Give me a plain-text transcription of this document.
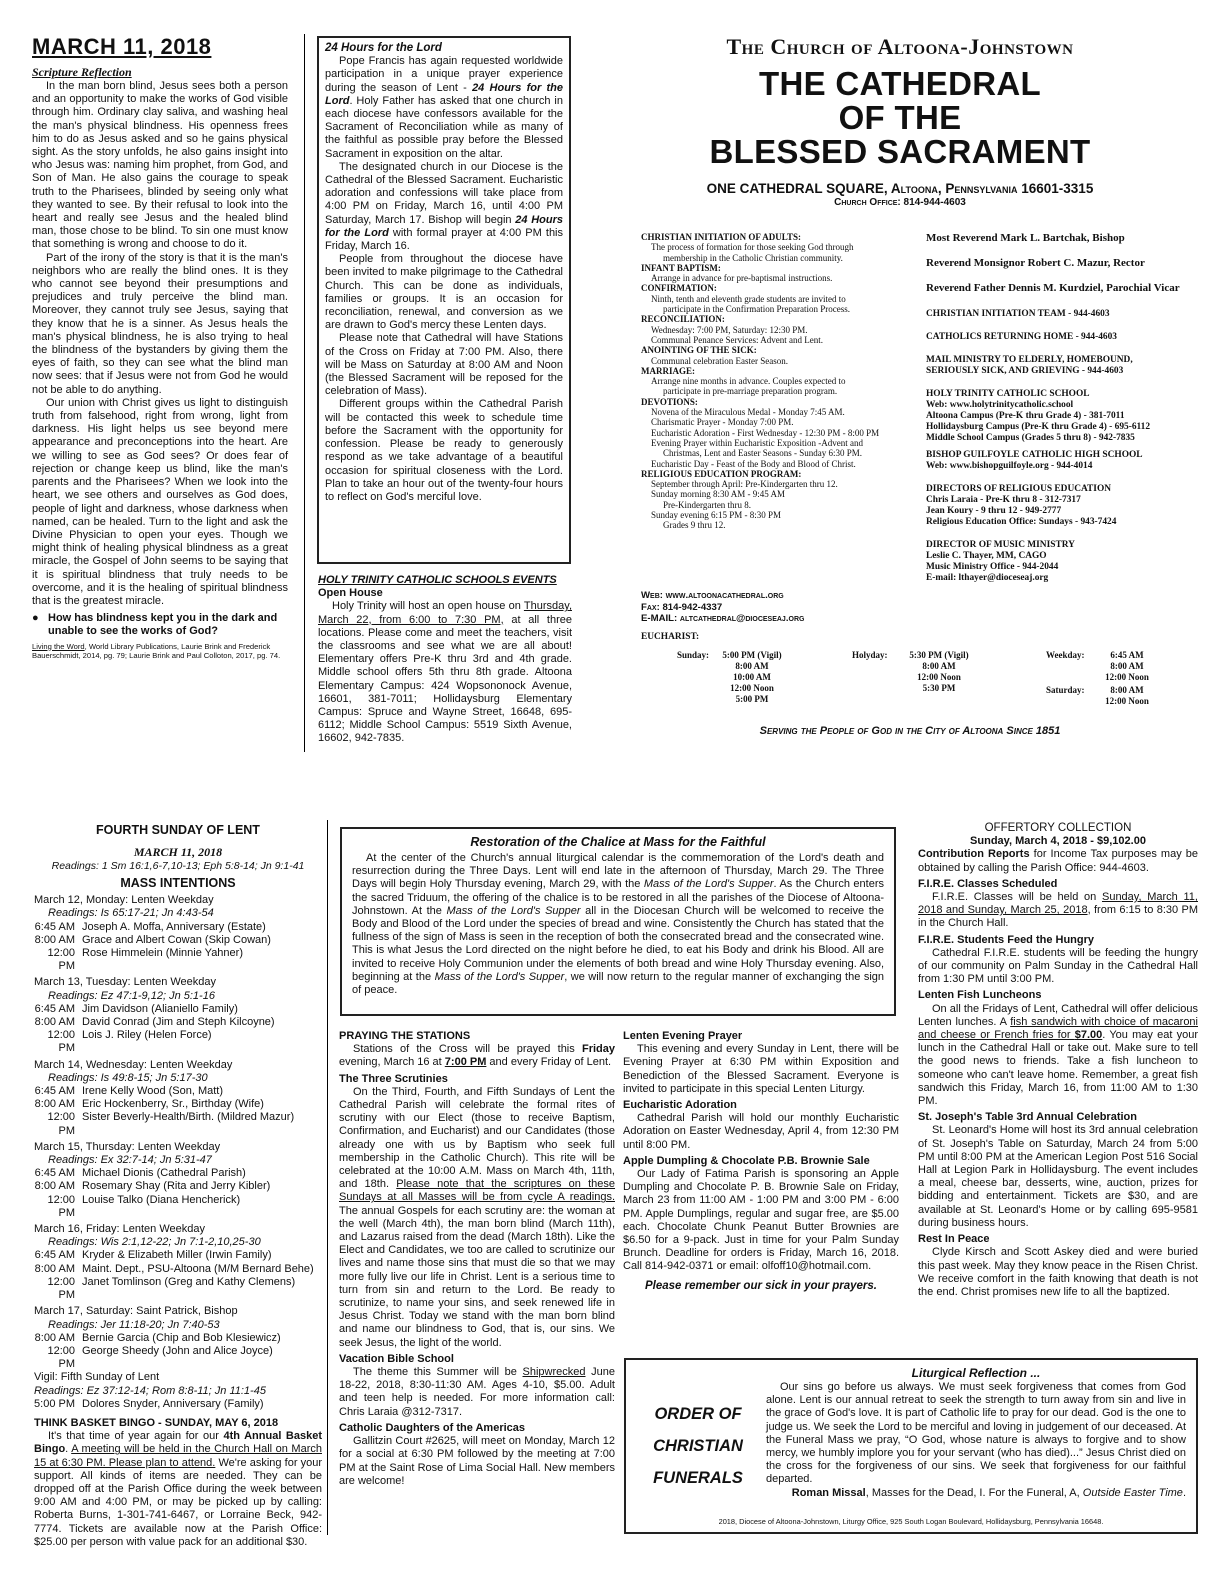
MARCH 11, 2018
Scripture Reflection

In the man born blind, Jesus sees both a person and an opportunity to make the works of God visible through him. Ordinary clay saliva, and washing heal the man's physical blindness. His openness frees him to do as Jesus asked and so he gains physical sight. As the story unfolds, he also gains insight into who Jesus was: naming him prophet, from God, and Son of Man. He also gains the courage to speak truth to the Pharisees, blinded by seeing only what they wanted to see. By their refusal to look into the heart and really see Jesus and the healed blind man, those chose to be blind. To sin one must know that something is wrong and choose to do it.

Part of the irony of the story is that it is the man's neighbors who are really the blind ones. It is they who cannot see beyond their presumptions and prejudices and truly perceive the blind man. Moreover, they cannot truly see Jesus, saying that they know that he is a sinner. As Jesus heals the man's physical blindness, he is also trying to heal the blindness of the bystanders by giving them the eyes of faith, so they can see what the blind man now sees: that if Jesus were not from God he would not be able to do anything.

Our union with Christ gives us light to distinguish truth from falsehood, right from wrong, light from darkness. His light helps us see beyond mere appearance and preconceptions into the heart. Are we willing to see as God sees? Or does fear of rejection or change keep us blind, like the man's parents and the Pharisees? When we look into the heart, we see others and ourselves as God does, people of light and darkness, whose darkness when named, can be healed. Turn to the light and ask the Divine Physician to open your eyes. Though we might think of healing physical blindness as a great miracle, the Gospel of John seems to be saying that it is spiritual blindness that truly needs to be overcome, and it is the healing of spiritual blindness that is the greatest miracle.

● How has blindness kept you in the dark and unable to see the works of God?
Living the Word, World Library Publications, Laurie Brink and Frederick Bauerschmidt, 2014, pg. 79; Laurie Brink and Paul Colloton, 2017, pg. 74.
24 Hours for the Lord

Pope Francis has again requested worldwide participation in a unique prayer experience during the season of Lent - 24 Hours for the Lord. Holy Father has asked that one church in each diocese have confessors available for the Sacrament of Reconciliation while as many of the faithful as possible pray before the Blessed Sacrament in exposition on the altar.

The designated church in our Diocese is the Cathedral of the Blessed Sacrament. Eucharistic adoration and confessions will take place from 4:00 PM on Friday, March 16, until 4:00 PM Saturday, March 17. Bishop will begin 24 Hours for the Lord with formal prayer at 4:00 PM this Friday, March 16.

People from throughout the diocese have been invited to make pilgrimage to the Cathedral Church. This can be done as individuals, families or groups. It is an occasion for reconciliation, renewal, and conversion as we are drawn to God's mercy these Lenten days.

Please note that Cathedral will have Stations of the Cross on Friday at 7:00 PM. Also, there will be Mass on Saturday at 8:00 AM and Noon (the Blessed Sacrament will be reposed for the celebration of Mass).

Different groups within the Cathedral Parish will be contacted this week to schedule time before the Sacrament with the opportunity for confession. Please be ready to generously respond as we take advantage of a beautiful occasion for spiritual closeness with the Lord. Plan to take an hour out of the twenty-four hours to reflect on God's merciful love.

HOLY TRINITY CATHOLIC SCHOOLS EVENTS
Open House

Holy Trinity will host an open house on Thursday, March 22, from 6:00 to 7:30 PM, at all three locations. Please come and meet the teachers, visit the classrooms and see what we are all about! Elementary offers Pre-K thru 3rd and 4th grade. Middle school offers 5th thru 8th grade. Altoona Elementary Campus: 424 Wopsononock Avenue, 16601, 381-7011; Hollidaysburg Elementary Campus: Spruce and Wayne Street, 16648, 695-6112; Middle School Campus: 5519 Sixth Avenue, 16602, 942-7835.

The Church of Altoona-Johnstown
THE CATHEDRAL
OF THE
BLESSED SACRAMENT
ONE CATHEDRAL SQUARE, Altoona, Pennsylvania 16601-3315
Church Office: 814-944-4603
CHRISTIAN INITIATION OF ADULTS:
The process of formation for those seeking God through
membership in the Catholic Christian community.
INFANT BAPTISM:
Arrange in advance for pre-baptismal instructions.
CONFIRMATION:
Ninth, tenth and eleventh grade students are invited to
participate in the Confirmation Preparation Process.
RECONCILIATION:
Wednesday: 7:00 PM, Saturday: 12:30 PM.
Communal Penance Services: Advent and Lent.
ANOINTING OF THE SICK:
Communal celebration Easter Season.
MARRIAGE:
Arrange nine months in advance. Couples expected to
participate in pre-marriage preparation program.
DEVOTIONS:
Novena of the Miraculous Medal - Monday 7:45 AM.
Charismatic Prayer - Monday 7:00 PM.
Eucharistic Adoration - First Wednesday - 12:30 PM - 8:00 PM
Evening Prayer within Eucharistic Exposition -Advent and
Christmas, Lent and Easter Seasons - Sunday 6:30 PM.
Eucharistic Day - Feast of the Body and Blood of Christ.
RELIGIOUS EDUCATION PROGRAM:
September through April: Pre-Kindergarten thru 12.
Sunday morning 8:30 AM - 9:45 AM
Pre-Kindergarten thru 8.
Sunday evening 6:15 PM - 8:30 PM
Grades 9 thru 12.
Web: www.altoonacathedral.org
Fax: 814-942-4337
E-MAIL: altcathedral@dioceseaj.org
Most Reverend Mark L. Bartchak, Bishop
Reverend Monsignor Robert C. Mazur, Rector
Reverend Father Dennis M. Kurdziel, Parochial Vicar
CHRISTIAN INITIATION TEAM - 944-4603
CATHOLICS RETURNING HOME - 944-4603
MAIL MINISTRY TO ELDERLY, HOMEBOUND,
SERIOUSLY SICK, AND GRIEVING - 944-4603
HOLY TRINITY CATHOLIC SCHOOL
Web: www.holytrinitycatholic.school
Altoona Campus (Pre-K thru Grade 4) - 381-7011
Hollidaysburg Campus (Pre-K thru Grade 4) - 695-6112
Middle School Campus (Grades 5 thru 8) - 942-7835
BISHOP GUILFOYLE CATHOLIC HIGH SCHOOL
Web: www.bishopguilfoyle.org - 944-4014
DIRECTORS OF RELIGIOUS EDUCATION
Chris Laraia - Pre-K thru 8 - 312-7317
Jean Koury - 9 thru 12 - 949-2777
Religious Education Office: Sundays - 943-7424
DIRECTOR OF MUSIC MINISTRY
Leslie C. Thayer, MM, CAGO
Music Ministry Office - 944-2044
E-mail: lthayer@dioceseaj.org
EUCHARIST:
Sunday:	5:00 PM (Vigil)
8:00 AM
10:00 AM
12:00 Noon
5:00 PM
Holyday:	5:30 PM (Vigil)
8:00 AM
12:00 Noon
5:30 PM
Weekday:	6:45 AM
8:00 AM
12:00 Noon
Saturday:	8:00 AM
12:00 Noon
Serving the People of God in the City of Altoona Since 1851
FOURTH SUNDAY OF LENT
MARCH 11, 2018
Readings: 1 Sm 16:1,6-7,10-13; Eph 5:8-14; Jn 9:1-41
MASS INTENTIONS
March 12, Monday: Lenten Weekday
Readings: Is 65:17-21; Jn 4:43-54
6:45 AM Joseph A. Moffa, Anniversary (Estate)
8:00 AM Grace and Albert Cowan (Skip Cowan)
12:00 PM
Rose Himmelein (Minnie Yahner)
March 13, Tuesday: Lenten Weekday
Readings: Ez 47:1-9,12; Jn 5:1-16
6:45 AM Jim Davidson (Alianiello Family)
8:00 AM David Conrad (Jim and Steph Kilcoyne)
12:00 PM
Lois J. Riley (Helen Force)
March 14, Wednesday: Lenten Weekday
Readings: Is 49:8-15; Jn 5:17-30
6:45 AM Irene Kelly Wood (Son, Matt)
8:00 AM Eric Hockenberry, Sr., Birthday (Wife)
12:00 PM
Sister Beverly-Health/Birth. (Mildred Mazur)
March 15, Thursday: Lenten Weekday
Readings: Ex 32:7-14; Jn 5:31-47
6:45 AM Michael Dionis (Cathedral Parish)
8:00 AM Rosemary Shay (Rita and Jerry Kibler)
12:00 PM
Louise Talko (Diana Hencherick)
March 16, Friday: Lenten Weekday
Readings: Wis 2:1,12-22; Jn 7:1-2,10,25-30
6:45 AM Kryder & Elizabeth Miller (Irwin Family)
8:00 AM Maint. Dept., PSU-Altoona (M/M Bernard Behe)
12:00 PM
Janet Tomlinson (Greg and Kathy Clemens)
March 17, Saturday: Saint Patrick, Bishop
Readings: Jer 11:18-20; Jn 7:40-53
8:00 AM Bernie Garcia (Chip and Bob Klesiewicz)
12:00 PM
George Sheedy (John and Alice Joyce)
Vigil: Fifth Sunday of Lent
Readings: Ez 37:12-14; Rom 8:8-11; Jn 11:1-45
5:00 PM Dolores Snyder, Anniversary (Family)
THINK BASKET BINGO - SUNDAY, MAY 6, 2018

It's that time of year again for our 4th Annual Basket Bingo. A meeting will be held in the Church Hall on March 15 at 6:30 PM. Please plan to attend. We're asking for your support. All kinds of items are needed. They can be dropped off at the Parish Office during the week between 9:00 AM and 4:00 PM, or may be picked up by calling: Roberta Burns, 1-301-741-6467, or Lorraine Beck, 942-7774. Tickets are available now at the Parish Office: $25.00 per person with value pack for an additional $30.

Restoration of the Chalice at Mass for the Faithful

At the center of the Church's annual liturgical calendar is the commemoration of the Lord's death and resurrection during the Three Days. Lent will end late in the afternoon of Thursday, March 29. The Three Days will begin Holy Thursday evening, March 29, with the Mass of the Lord's Supper. As the Church enters the sacred Triduum, the offering of the chalice is to be restored in all the parishes of the Diocese of Altoona-Johnstown. At the Mass of the Lord's Supper all in the Diocesan Church will be welcomed to receive the Body and Blood of the Lord under the species of bread and wine. Consistently the Church has stated that the fullness of the sign of Mass is seen in the reception of both the consecrated bread and the consecrated wine. This is what Jesus the Lord directed on the night before he died, to eat his Body and drink his Blood. All are invited to receive Holy Communion under the elements of both bread and wine Holy Thursday evening. Also, beginning at the Mass of the Lord's Supper, we will now return to the regular manner of exchanging the sign of peace.

PRAYING THE STATIONS

Stations of the Cross will be prayed this Friday evening, March 16 at 7:00 PM and every Friday of Lent.

The Three Scrutinies

On the Third, Fourth, and Fifth Sundays of Lent the Cathedral Parish will celebrate the formal rites of scrutiny with our Elect (those to receive Baptism, Confirmation, and Eucharist) and our Candidates (those already one with us by Baptism who seek full membership in the Catholic Church). This rite will be celebrated at the 10:00 A.M. Mass on March 4th, 11th, and 18th. Please note that the scriptures on these Sundays at all Masses will be from cycle A readings. The annual Gospels for each scrutiny are: the woman at the well (March 4th), the man born blind (March 11th), and Lazarus raised from the dead (March 18th). Like the Elect and Candidates, we too are called to scrutinize our lives and name those sins that must die so that we may more fully live our life in Christ. Lent is a serious time to turn from sin and return to the Lord. Be ready to scrutinize, to name your sins, and seek renewed life in Jesus Christ. Today we stand with the man born blind and name our blindness to God, that is, our sins. We seek Jesus, the light of the world.

Vacation Bible School

The theme this Summer will be Shipwrecked June 18-22, 2018, 8:30-11:30 AM. Ages 4-10, $5.00. Adult and teen help is needed. For more information call: Chris Laraia @312-7317.

Catholic Daughters of the Americas

Gallitzin Court #2625, will meet on Monday, March 12 for a social at 6:30 PM followed by the meeting at 7:00 PM at the Saint Rose of Lima Social Hall. New members are welcome!

Lenten Evening Prayer

This evening and every Sunday in Lent, there will be Evening Prayer at 6:30 PM within Exposition and Benediction of the Blessed Sacrament. Everyone is invited to participate in this special Lenten Liturgy.

Eucharistic Adoration

Cathedral Parish will hold our monthly Eucharistic Adoration on Easter Wednesday, April 4, from 12:30 PM until 8:00 PM.

Apple Dumpling & Chocolate P.B. Brownie Sale

Our Lady of Fatima Parish is sponsoring an Apple Dumpling and Chocolate P. B. Brownie Sale on Friday, March 23 from 11:00 AM - 1:00 PM and 3:00 PM - 6:00 PM. Apple Dumplings, regular and sugar free, are $5.00 each. Chocolate Chunk Peanut Butter Brownies are $6.50 for a 9-pack. Just in time for your Palm Sunday Brunch. Deadline for orders is Friday, March 16, 2018. Call 814-942-0371 or email: olfoff10@hotmail.com.

Please remember our sick in your prayers.
OFFERTORY COLLECTION
Sunday, March 4, 2018 - $9,102.00

Contribution Reports for Income Tax purposes may be obtained by calling the Parish Office: 944-4603.

F.I.R.E. Classes Scheduled

F.I.R.E. Classes will be held on Sunday, March 11, 2018 and Sunday, March 25, 2018, from 6:15 to 8:30 PM in the Church Hall.

F.I.R.E. Students Feed the Hungry

Cathedral F.I.R.E. students will be feeding the hungry of our community on Palm Sunday in the Cathedral Hall from 1:30 PM until 3:00 PM.

Lenten Fish Luncheons

On all the Fridays of Lent, Cathedral will offer delicious Lenten lunches. A fish sandwich with choice of macaroni and cheese or French fries for $7.00. You may eat your lunch in the Cathedral Hall or take out. Make sure to tell the good news to friends. Take a fish luncheon to someone who can't leave home. Remember, a great fish sandwich this Friday, March 16, from 11:00 AM to 1:30 PM.

St. Joseph's Table 3rd Annual Celebration

St. Leonard's Home will host its 3rd annual celebration of St. Joseph's Table on Saturday, March 24 from 5:00 PM until 8:00 PM at the American Legion Post 516 Social Hall at Legion Park in Hollidaysburg. The event includes a meal, cheese bar, desserts, wine, auction, prizes for bidding and entertainment. Tickets are $30, and are available at St. Leonard's Home or by calling 695-9581 during business hours.

Rest In Peace

Clyde Kirsch and Scott Askey died and were buried this past week. May they know peace in the Risen Christ. We receive comfort in the faith knowing that death is not the end. Christ promises new life to all the baptized.

ORDER OF
CHRISTIAN
FUNERALS
Liturgical Reflection ...

Our sins go before us always. We must seek forgiveness that comes from God alone. Lent is our annual retreat to seek the strength to turn away from sin and live in the grace of God's love. It is part of Catholic life to pray for our dead. God is the one to judge us. We seek the Lord to be merciful and loving in judgement of our deceased. At the Funeral Mass we pray, “O God, whose nature is always to forgive and to show mercy, we humbly implore you for your servant (who has died)...” Jesus Christ died on the cross for the forgiveness of our sins. We seek that forgiveness for our faithful departed.

Roman Missal, Masses for the Dead, I. For the Funeral, A, Outside Easter Time.
2018, Diocese of Altoona-Johnstown, Liturgy Office, 925 South Logan Boulevard, Hollidaysburg, Pennsylvania 16648.
